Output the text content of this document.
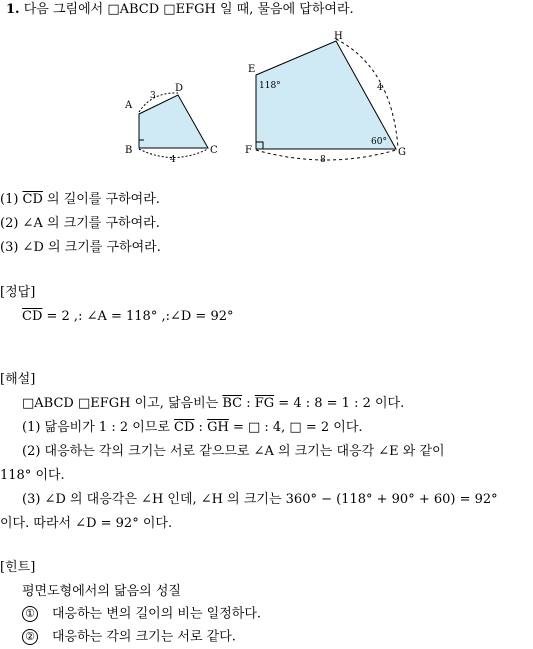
1. 다음 그림에서 □ABCD □EFGH 일 때, 물음에 답하여라.
A
D
B	C
3
4
E
H
F	G
118°
60°
4
8
(1) $\overline{CD}$ 의 길이를 구하여라.
(2) ∠A 의 크기를 구하여라.
(3) ∠D 의 크기를 구하여라.
[정답]
$\overline{CD} = 2$ ,: ∠A = 118° ,:∠D = 92°
[해설]
□ABCD □EFGH 이고, 닮음비는 $\overline{BC}$ : $\overline{FG} = 4$ : 8 = 1 : 2 이다.
(1) 닮음비가 1 : 2 이므로 $\overline{CD}$ : $\overline{GH}$ = □ : 4, □ = 2 이다.
(2) 대응하는 각의 크기는 서로 같으므로 ∠A 의 크기는 대응각 ∠E 와 같이
118° 이다.
(3) ∠D 의 대응각은 ∠H 인데, ∠H 의 크기는 360° − (118° + 90° + 60) = 92°
이다. 따라서 ∠D = 92° 이다.
[힌트]
평면도형에서의 닮음의 성질
① 대응하는 변의 길이의 비는 일정하다.
② 대응하는 각의 크기는 서로 같다.
